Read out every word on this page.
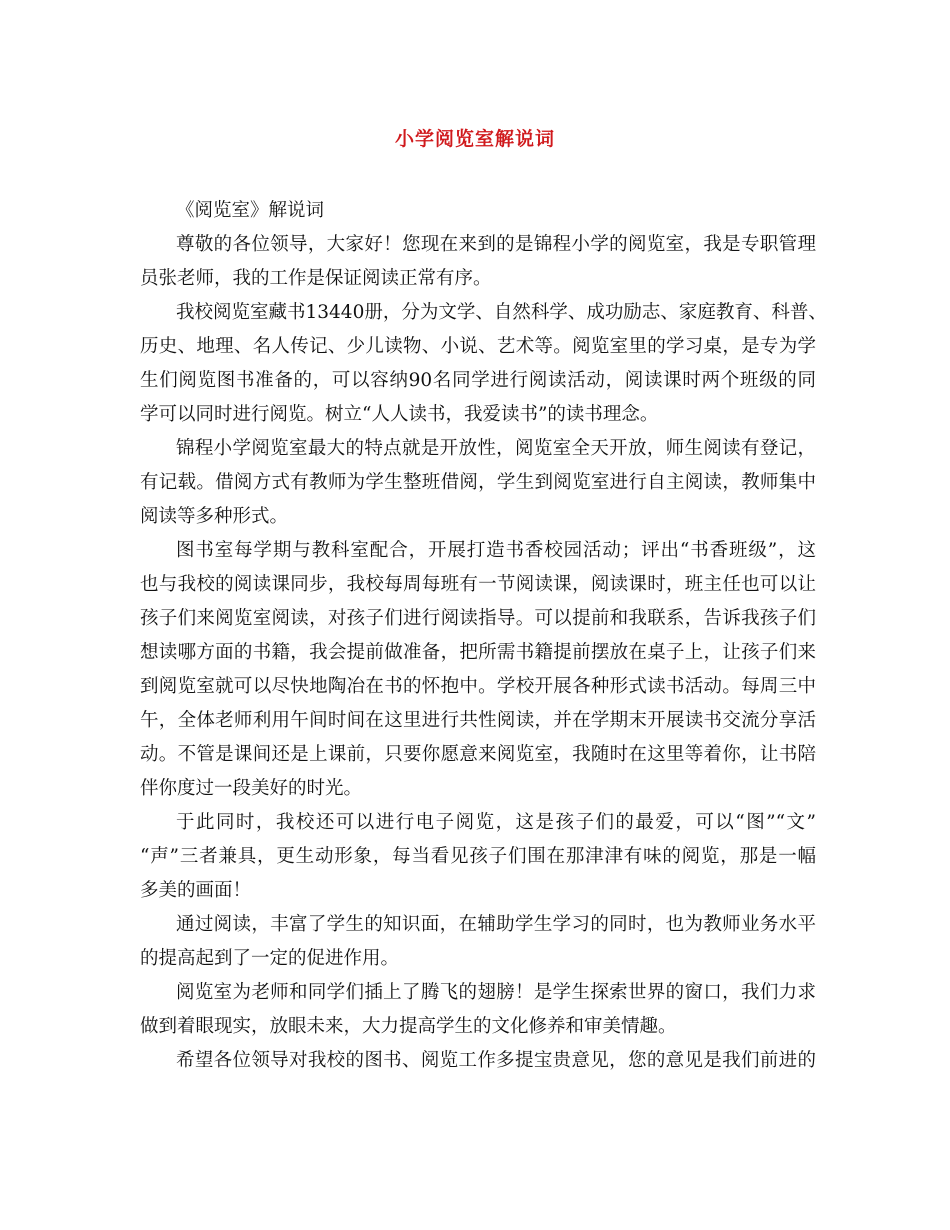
小学阅览室解说词
《阅览室》解说词
尊敬的各位领导，大家好！您现在来到的是锦程小学的阅览室，我是专职管理
员张老师，我的工作是保证阅读正常有序。
我校阅览室藏书13440册，分为文学、自然科学、成功励志、家庭教育、科普、
历史、地理、名人传记、少儿读物、小说、艺术等。阅览室里的学习桌，是专为学
生们阅览图书准备的，可以容纳90名同学进行阅读活动，阅读课时两个班级的同
学可以同时进行阅览。树立“人人读书，我爱读书”的读书理念。
锦程小学阅览室最大的特点就是开放性，阅览室全天开放，师生阅读有登记，
有记载。借阅方式有教师为学生整班借阅，学生到阅览室进行自主阅读，教师集中
阅读等多种形式。
图书室每学期与教科室配合，开展打造书香校园活动；评出“书香班级”，这
也与我校的阅读课同步，我校每周每班有一节阅读课，阅读课时，班主任也可以让
孩子们来阅览室阅读，对孩子们进行阅读指导。可以提前和我联系，告诉我孩子们
想读哪方面的书籍，我会提前做准备，把所需书籍提前摆放在桌子上，让孩子们来
到阅览室就可以尽快地陶冶在书的怀抱中。学校开展各种形式读书活动。每周三中
午，全体老师利用午间时间在这里进行共性阅读，并在学期末开展读书交流分享活
动。不管是课间还是上课前，只要你愿意来阅览室，我随时在这里等着你，让书陪
伴你度过一段美好的时光。
于此同时，我校还可以进行电子阅览，这是孩子们的最爱，可以“图”“文”
“声”三者兼具，更生动形象，每当看见孩子们围在那津津有味的阅览，那是一幅
多美的画面！
通过阅读，丰富了学生的知识面，在辅助学生学习的同时，也为教师业务水平
的提高起到了一定的促进作用。
阅览室为老师和同学们插上了腾飞的翅膀！是学生探索世界的窗口，我们力求
做到着眼现实，放眼未来，大力提高学生的文化修养和审美情趣。
希望各位领导对我校的图书、阅览工作多提宝贵意见，您的意见是我们前进的
